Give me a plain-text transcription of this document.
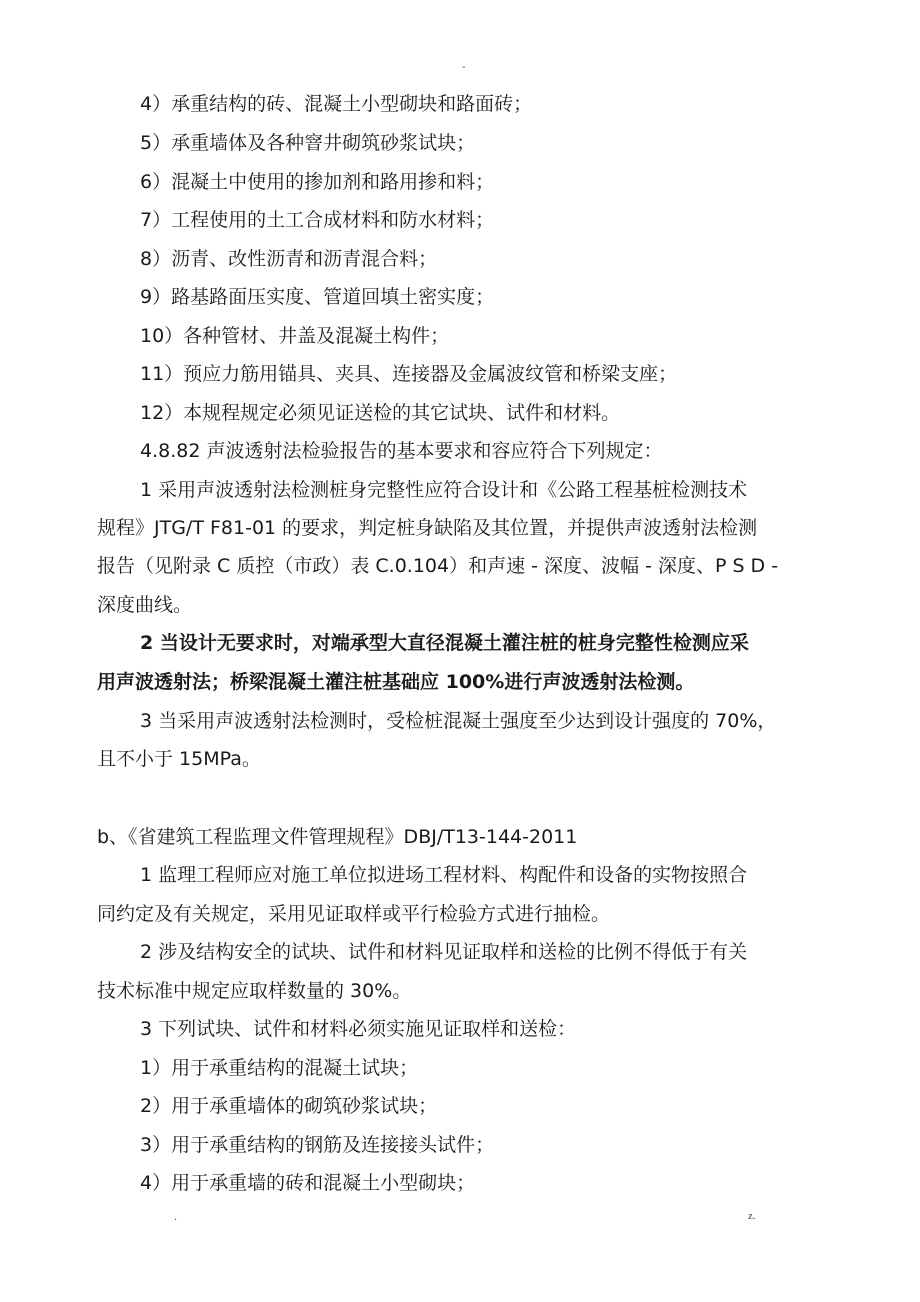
-
4）承重结构的砖、混凝土小型砌块和路面砖；
5）承重墙体及各种窨井砌筑砂浆试块；
6）混凝土中使用的掺加剂和路用掺和料；
7）工程使用的土工合成材料和防水材料；
8）沥青、改性沥青和沥青混合料；
9）路基路面压实度、管道回填土密实度；
10）各种管材、井盖及混凝土构件；
11）预应力筋用锚具、夹具、连接器及金属波纹管和桥梁支座；
12）本规程规定必须见证送检的其它试块、试件和材料。
4.8.82 声波透射法检验报告的基本要求和容应符合下列规定：
1 采用声波透射法检测桩身完整性应符合设计和《公路工程基桩检测技术
规程》JTG/T F81-01 的要求，判定桩身缺陷及其位置，并提供声波透射法检测
报告（见附录 C 质控（市政）表 C.0.104）和声速 - 深度、波幅 - 深度、P S D -
深度曲线。
2 当设计无要求时，对端承型大直径混凝土灌注桩的桩身完整性检测应采
用声波透射法；桥梁混凝土灌注桩基础应 100%进行声波透射法检测。
3 当采用声波透射法检测时，受检桩混凝土强度至少达到设计强度的 70%，
且不小于 15MPa。
b、《省建筑工程监理文件管理规程》DBJ/T13-144-2011
1 监理工程师应对施工单位拟进场工程材料、构配件和设备的实物按照合
同约定及有关规定，采用见证取样或平行检验方式进行抽检。
2 涉及结构安全的试块、试件和材料见证取样和送检的比例不得低于有关
技术标准中规定应取样数量的 30%。
3 下列试块、试件和材料必须实施见证取样和送检：
1）用于承重结构的混凝土试块；
2）用于承重墙体的砌筑砂浆试块；
3）用于承重结构的钢筋及连接接头试件；
4）用于承重墙的砖和混凝土小型砌块；
.	z.
